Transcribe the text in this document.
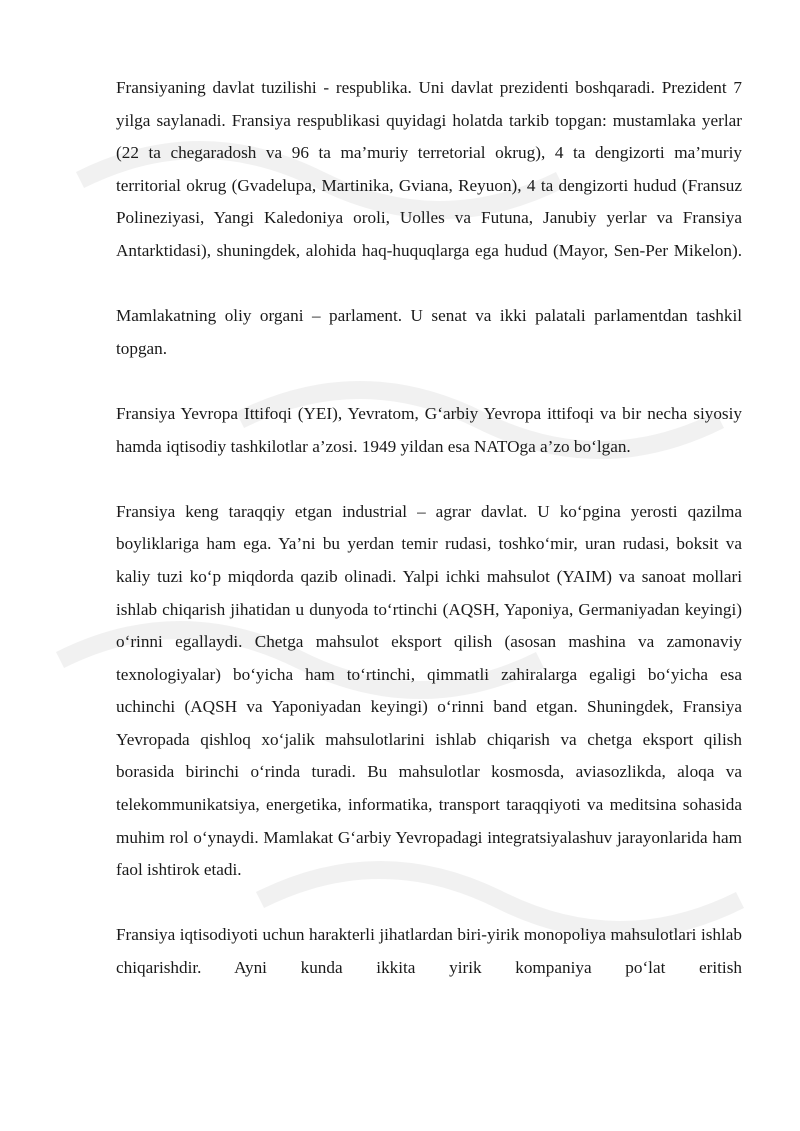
Fransiyaning davlat tuzilishi - respublika. Uni davlat prezidenti boshqaradi. Prezident 7 yilga saylanadi. Fransiya respublikasi quyidagi holatda tarkib topgan: mustamlaka yerlar (22 ta chegaradosh va 96 ta ma’muriy terretorial okrug), 4 ta dengizorti ma’muriy territorial okrug (Gvadelupa, Martinika, Gviana, Reyuon), 4 ta dengizorti hudud (Fransuz Polineziyasi, Yangi Kaledoniya oroli, Uolles va Futuna, Janubiy yerlar va Fransiya Antarktidasi), shuningdek, alohida haq-huquqlarga ega hudud (Mayor, Sen-Per Mikelon).

Mamlakatning oliy organi – parlament. U senat va ikki palatali parlamentdan tashkil topgan.

Fransiya Yevropa Ittifoqi (YEI), Yevratom, G‘arbiy Yevropa ittifoqi va bir necha siyosiy hamda iqtisodiy tashkilotlar a’zosi. 1949 yildan esa NATOga a’zo bo‘lgan.

Fransiya keng taraqqiy etgan industrial – agrar davlat. U ko‘pgina yerosti qazilma boyliklariga ham ega. Ya’ni bu yerdan temir rudasi, toshko‘mir, uran rudasi, boksit va kaliy tuzi ko‘p miqdorda qazib olinadi. Yalpi ichki mahsulot (YAIM) va sanoat mollari ishlab chiqarish jihatidan u dunyoda to‘rtinchi (AQSH, Yaponiya, Germaniyadan keyingi) o‘rinni egallaydi. Chetga mahsulot eksport qilish (asosan mashina va zamonaviy texnologiyalar) bo‘yicha ham to‘rtinchi, qimmatli zahiralarga egaligi bo‘yicha esa uchinchi (AQSH va Yaponiyadan keyingi) o‘rinni band etgan. Shuningdek, Fransiya Yevropada qishloq xo‘jalik mahsulotlarini ishlab chiqarish va chetga eksport qilish borasida birinchi o‘rinda turadi. Bu mahsulotlar kosmosda, aviasozlikda, aloqa va telekommunikatsiya, energetika, informatika, transport taraqqiyoti va meditsina sohasida muhim rol o‘ynaydi. Mamlakat G‘arbiy Yevropadagi integratsiyalashuv jarayonlarida ham faol ishtirok etadi.

Fransiya iqtisodiyoti uchun harakterli jihatlardan biri-yirik monopoliya mahsulotlari ishlab chiqarishdir. Ayni kunda ikkita yirik kompaniya po‘lat eritish
